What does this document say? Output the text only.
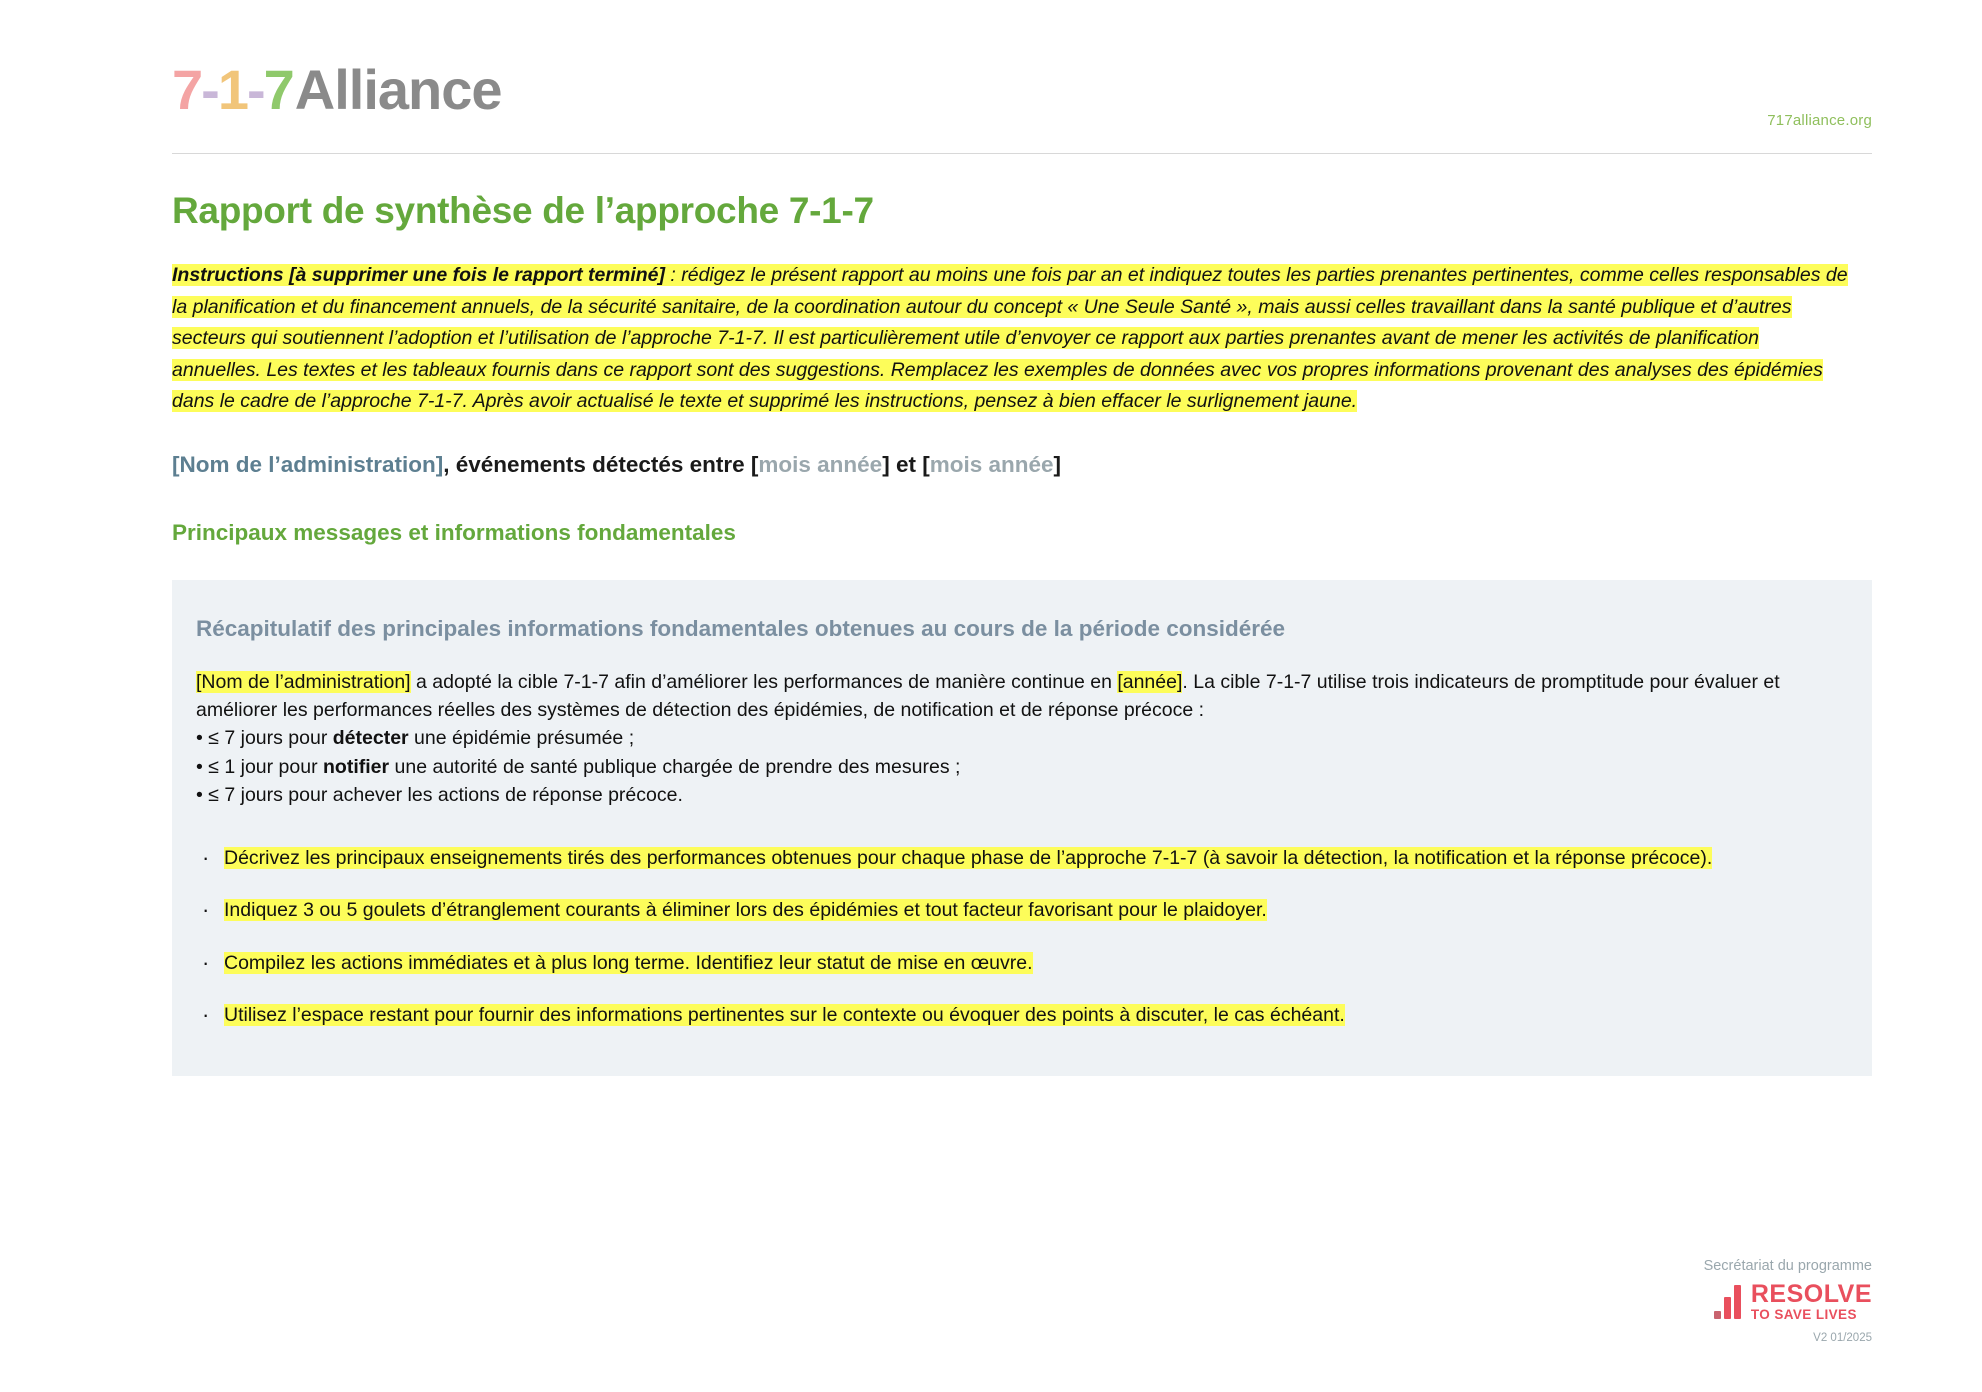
7 - 1 - 7 Alliance	717alliance.org
Rapport de synthèse de l’approche 7-1-7

Instructions [à supprimer une fois le rapport terminé] : rédigez le présent rapport au moins une fois par an et indiquez toutes les parties prenantes pertinentes, comme celles responsables de la planification et du financement annuels, de la sécurité sanitaire, de la coordination autour du concept « Une Seule Santé », mais aussi celles travaillant dans la santé publique et d’autres secteurs qui soutiennent l’adoption et l’utilisation de l’approche 7-1-7. Il est particulièrement utile d’envoyer ce rapport aux parties prenantes avant de mener les activités de planification annuelles. Les textes et les tableaux fournis dans ce rapport sont des suggestions. Remplacez les exemples de données avec vos propres informations provenant des analyses des épidémies dans le cadre de l’approche 7-1-7. Après avoir actualisé le texte et supprimé les instructions, pensez à bien effacer le surlignement jaune.

[Nom de l’administration], événements détectés entre [mois année] et [mois année]

Principaux messages et informations fondamentales
Récapitulatif des principales informations fondamentales obtenues au cours de la période considérée

[Nom de l’administration] a adopté la cible 7-1-7 afin d’améliorer les performances de manière continue en [année]. La cible 7-1-7 utilise trois indicateurs de promptitude pour évaluer et améliorer les performances réelles des systèmes de détection des épidémies, de notification et de réponse précoce :
• ≤ 7 jours pour détecter une épidémie présumée ;
• ≤ 1 jour pour notifier une autorité de santé publique chargée de prendre des mesures ;
• ≤ 7 jours pour achever les actions de réponse précoce.

· Décrivez les principaux enseignements tirés des performances obtenues pour chaque phase de l’approche 7-1-7 (à savoir la détection, la notification et la réponse précoce).
· Indiquez 3 ou 5 goulets d’étranglement courants à éliminer lors des épidémies et tout facteur favorisant pour le plaidoyer.
· Compilez les actions immédiates et à plus long terme. Identifiez leur statut de mise en œuvre.
· Utilisez l’espace restant pour fournir des informations pertinentes sur le contexte ou évoquer des points à discuter, le cas échéant.
Secrétariat du programme
RESOLVE
TO SAVE LIVES
V2 01/2025
